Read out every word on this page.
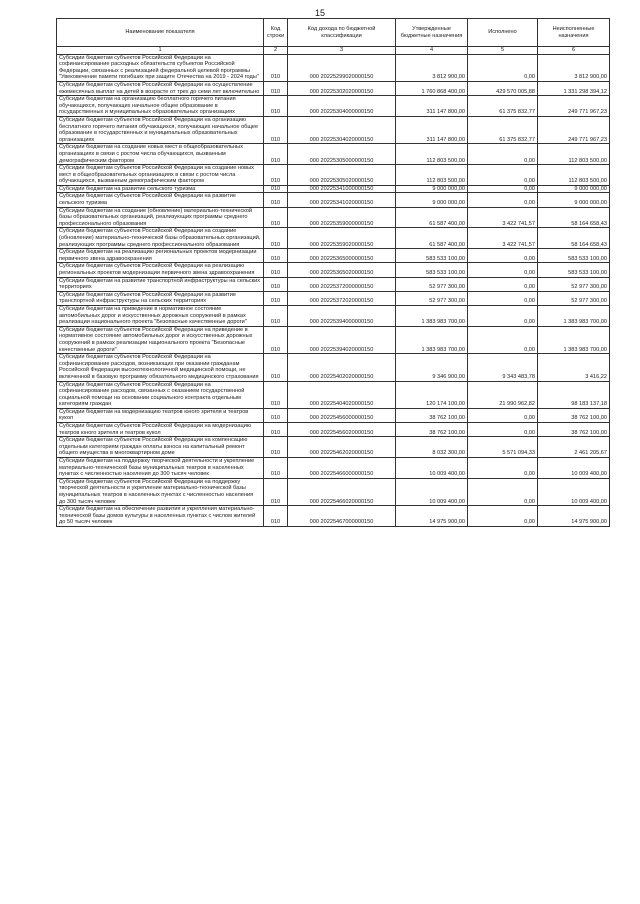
15
Наименование показателя	Код строки	Код дохода по бюджетной классификации	Утвержденные бюджетные назначения	Исполнено	Неисполненные назначения
1	2	3	4	5	6
Субсидии бюджетам субъектов Российской Федерации на софинансирование расходных обязательств субъектов Российской Федерации, связанных с реализацией федеральной целевой программы "Увековечение памяти погибших при защите Отечества на 2019 - 2024 годы"	010	000 20225299020000150	3 812 900,00	0,00	3 812 900,00
Субсидии бюджетам субъектов Российской Федерации на осуществление ежемесячных выплат на детей в возрасте от трех до семи лет включительно	010	000 20225302020000150	1 760 868 400,00	429 570 005,88	1 331 298 394,12
Субсидии бюджетам на организацию бесплатного горячего питания обучающихся, получающих начальное общее образование в государственных и муниципальных образовательных организациях	010	000 20225304000000150	311 147 800,00	61 375 832,77	249 771 967,23
Субсидии бюджетам субъектов Российской Федерации на организацию бесплатного горячего питания обучающихся, получающих начальное общее образование в государственных и муниципальных образовательных организациях	010	000 20225304020000150	311 147 800,00	61 375 832,77	249 771 967,23
Субсидии бюджетам на создание новых мест в общеобразовательных организациях в связи с ростом числа обучающихся, вызванным демографическим фактором	010	000 20225305000000150	112 803 500,00	0,00	112 803 500,00
Субсидии бюджетам субъектов Российской Федерации на создание новых мест в общеобразовательных организациях в связи с ростом числа обучающихся, вызванным демографическим фактором	010	000 20225305020000150	112 803 500,00	0,00	112 803 500,00
Субсидии бюджетам на развитие сельского туризма	010	000 20225341000000150	9 000 000,00	0,00	9 000 000,00
Субсидии бюджетам субъектов Российской Федерации на развитие сельского туризма	010	000 20225341020000150	9 000 000,00	0,00	9 000 000,00
Субсидии бюджетам на создание (обновление) материально-технической базы образовательных организаций, реализующих программы среднего профессионального образования	010	000 20225359000000150	61 587 400,00	3 422 741,57	58 164 658,43
Субсидии бюджетам субъектов Российской Федерации на создание (обновление) материально-технической базы образовательных организаций, реализующих программы среднего профессионального образования	010	000 20225359020000150	61 587 400,00	3 422 741,57	58 164 658,43
Субсидии бюджетам на реализацию региональных проектов модернизации первичного звена здравоохранения	010	000 20225365000000150	583 533 100,00	0,00	583 533 100,00
Субсидии бюджетам субъектов Российской Федерации на реализацию региональных проектов модернизации первичного звена здравоохранения	010	000 20225365020000150	583 533 100,00	0,00	583 533 100,00
Субсидии бюджетам на развитие транспортной инфраструктуры на сельских территориях	010	000 20225372000000150	52 977 300,00	0,00	52 977 300,00
Субсидии бюджетам субъектов Российской Федерации на развитие транспортной инфраструктуры на сельских территориях	010	000 20225372020000150	52 977 300,00	0,00	52 977 300,00
Субсидии бюджетам на приведение в нормативное состояние автомобильных дорог и искусственных дорожных сооружений в рамках реализации национального проекта "Безопасные качественные дороги"	010	000 20225394000000150	1 383 983 700,00	0,00	1 383 983 700,00
Субсидии бюджетам субъектов Российской Федерации на приведение в нормативное состояние автомобильных дорог и искусственных дорожных сооружений в рамках реализации национального проекта "Безопасные качественные дороги"	010	000 20225394020000150	1 383 983 700,00	0,00	1 383 983 700,00
Субсидии бюджетам субъектов Российской Федерации на софинансирование расходов, возникающих при оказании гражданам Российской Федерации высокотехнологичной медицинской помощи, не включенной в базовую программу обязательного медицинского страхования	010	000 20225402020000150	9 346 900,00	9 343 483,78	3 416,22
Субсидии бюджетам субъектов Российской Федерации на софинансирование расходов, связанных с оказанием государственной социальной помощи на основании социального контракта отдельным категориям граждан	010	000 20225404020000150	120 174 100,00	21 990 962,82	98 183 137,18
Субсидии бюджетам на модернизацию театров юного зрителя и театров кукол	010	000 20225456000000150	38 762 100,00	0,00	38 762 100,00
Субсидии бюджетам субъектов Российской Федерации на модернизацию театров юного зрителя и театров кукол	010	000 20225456020000150	38 762 100,00	0,00	38 762 100,00
Субсидии бюджетам субъектов Российской Федерации на компенсацию отдельным категориям граждан оплаты взноса на капитальный ремонт общего имущества в многоквартирном доме	010	000 20225462020000150	8 032 300,00	5 571 094,33	2 461 205,67
Субсидии бюджетам на поддержку творческой деятельности и укрепление материально-технической базы муниципальных театров в населенных пунктах с численностью населения до 300 тысяч человек	010	000 20225466000000150	10 009 400,00	0,00	10 009 400,00
Субсидии бюджетам субъектов Российской Федерации на поддержку творческой деятельности и укрепление материально-технической базы муниципальных театров в населенных пунктах с численностью населения до 300 тысяч человек	010	000 20225466020000150	10 009 400,00	0,00	10 009 400,00
Субсидии бюджетам на обеспечение развития и укрепления материально-технической базы домов культуры в населенных пунктах с числом жителей до 50 тысяч человек	010	000 20225467000000150	14 975 900,00	0,00	14 975 900,00
